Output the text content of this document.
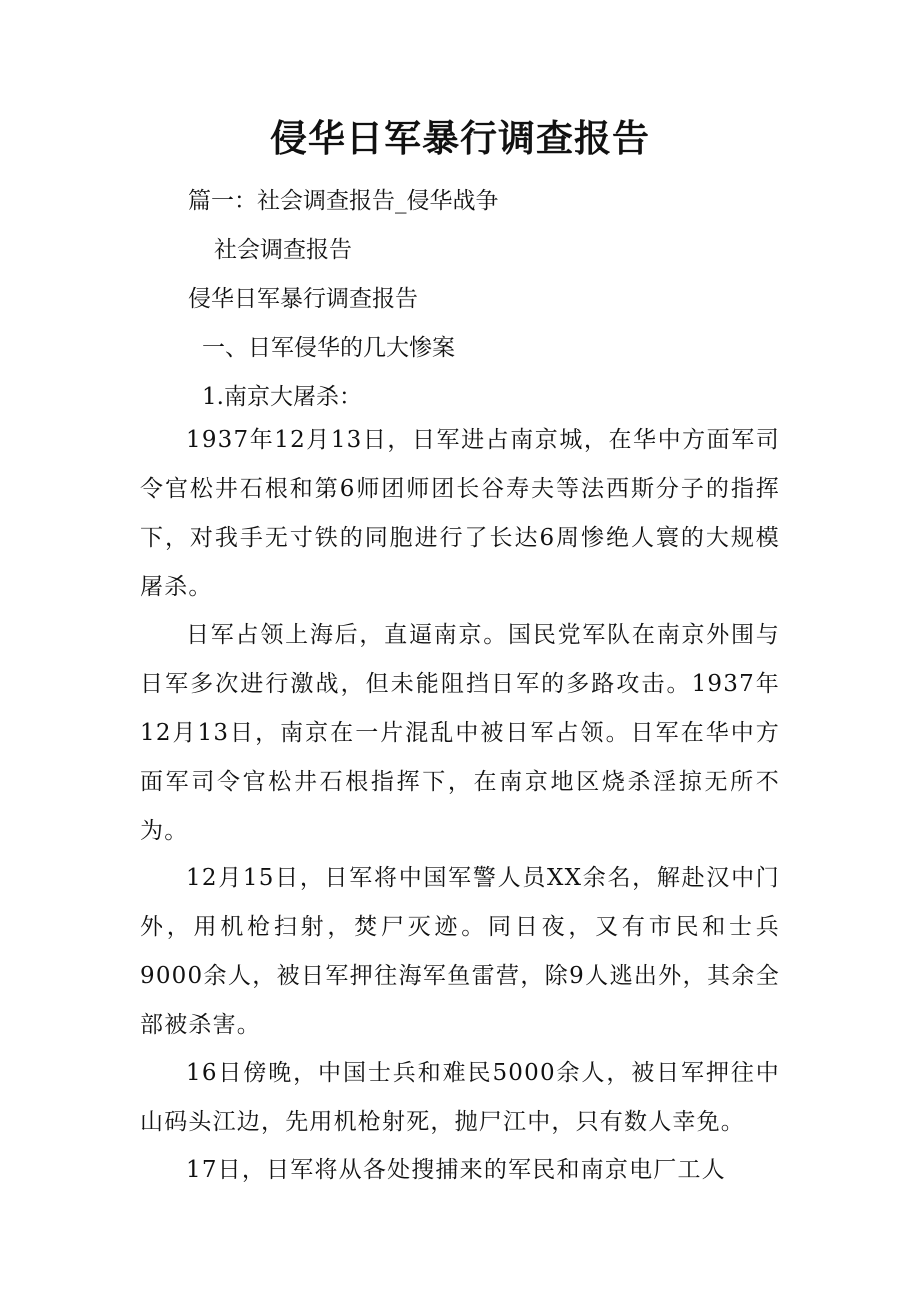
侵华日军暴行调查报告
篇一：社会调查报告_侵华战争
社会调查报告
侵华日军暴行调查报告
一、日军侵华的几大惨案
1.南京大屠杀：
1937年12月13日，日军进占南京城，在华中方面军司令官松井石根和第6师团师团长谷寿夫等法西斯分子的指挥下，对我手无寸铁的同胞进行了长达6周惨绝人寰的大规模屠杀。
日军占领上海后，直逼南京。国民党军队在南京外围与日军多次进行激战，但未能阻挡日军的多路攻击。1937年12月13日，南京在一片混乱中被日军占领。日军在华中方面军司令官松井石根指挥下，在南京地区烧杀淫掠无所不为。
12月15日，日军将中国军警人员XX余名，解赴汉中门外，用机枪扫射，焚尸灭迹。同日夜，又有市民和士兵9000余人，被日军押往海军鱼雷营，除9人逃出外，其余全部被杀害。
16日傍晚，中国士兵和难民5000余人，被日军押往中山码头江边，先用机枪射死，抛尸江中，只有数人幸免。
17日，日军将从各处搜捕来的军民和南京电厂工人
